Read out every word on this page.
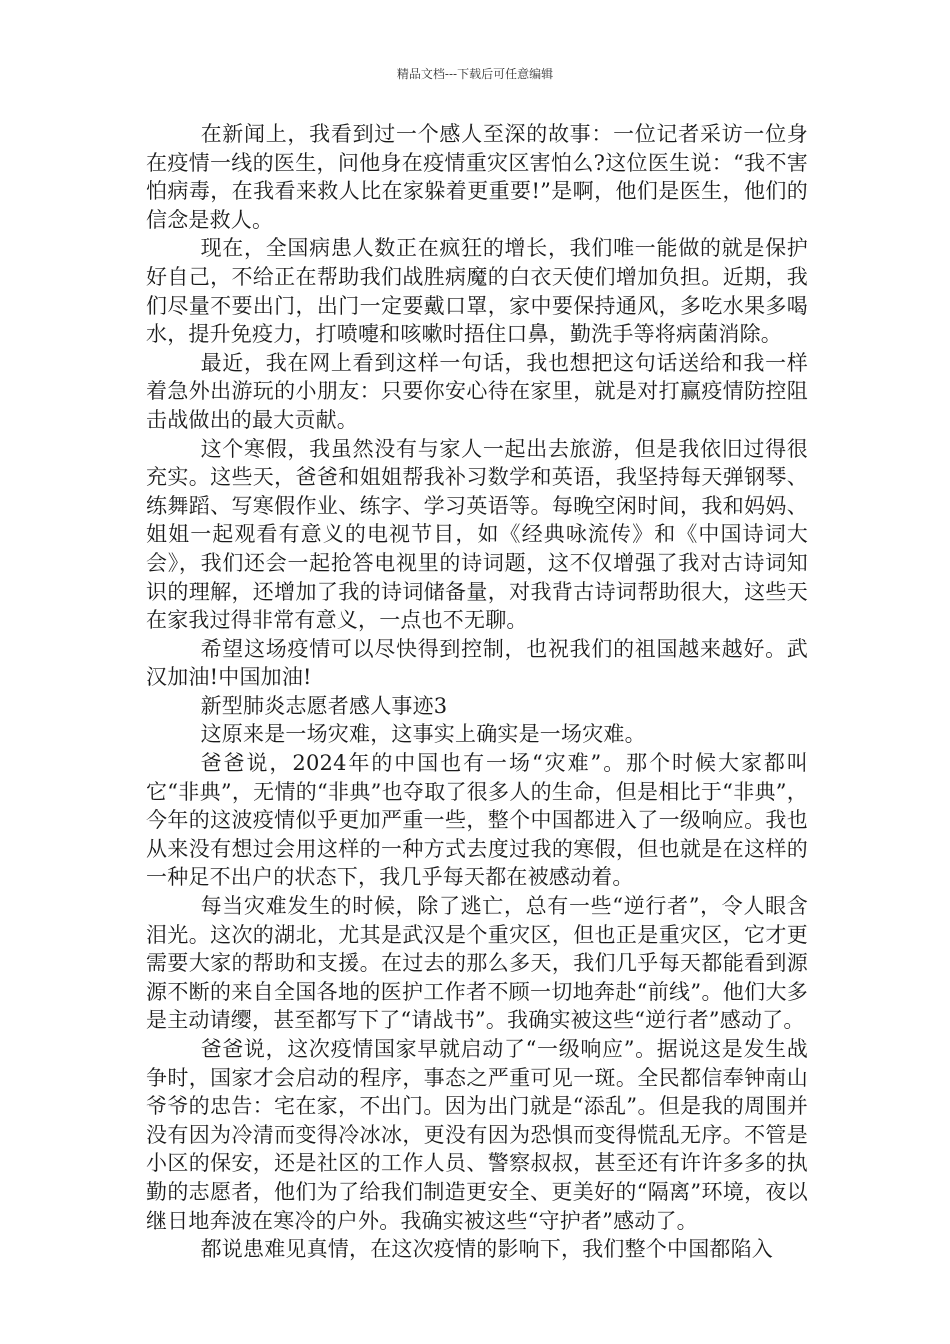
精品文档---下载后可任意编辑

在新闻上，我看到过一个感人至深的故事：一位记者采访一位身在疫情一线的医生，问他身在疫情重灾区害怕么?这位医生说：“我不害怕病毒，在我看来救人比在家躲着更重要!”是啊，他们是医生，他们的信念是救人。

现在，全国病患人数正在疯狂的增长，我们唯一能做的就是保护好自己，不给正在帮助我们战胜病魔的白衣天使们增加负担。近期，我们尽量不要出门，出门一定要戴口罩，家中要保持通风，多吃水果多喝水，提升免疫力，打喷嚏和咳嗽时捂住口鼻，勤洗手等将病菌消除。

最近，我在网上看到这样一句话，我也想把这句话送给和我一样着急外出游玩的小朋友：只要你安心待在家里，就是对打赢疫情防控阻击战做出的最大贡献。

这个寒假，我虽然没有与家人一起出去旅游，但是我依旧过得很充实。这些天，爸爸和姐姐帮我补习数学和英语，我坚持每天弹钢琴、练舞蹈、写寒假作业、练字、学习英语等。每晚空闲时间，我和妈妈、姐姐一起观看有意义的电视节目，如《经典咏流传》和《中国诗词大会》，我们还会一起抢答电视里的诗词题，这不仅增强了我对古诗词知识的理解，还增加了我的诗词储备量，对我背古诗词帮助很大，这些天在家我过得非常有意义，一点也不无聊。

希望这场疫情可以尽快得到控制，也祝我们的祖国越来越好。武汉加油!中国加油!

新型肺炎志愿者感人事迹3

这原来是一场灾难，这事实上确实是一场灾难。

爸爸说，2024年的中国也有一场“灾难”。那个时候大家都叫它“非典”，无情的“非典”也夺取了很多人的生命，但是相比于“非典”，今年的这波疫情似乎更加严重一些，整个中国都进入了一级响应。我也从来没有想过会用这样的一种方式去度过我的寒假，但也就是在这样的一种足不出户的状态下，我几乎每天都在被感动着。

每当灾难发生的时候，除了逃亡，总有一些“逆行者”，令人眼含泪光。这次的湖北，尤其是武汉是个重灾区，但也正是重灾区，它才更需要大家的帮助和支援。在过去的那么多天，我们几乎每天都能看到源源不断的来自全国各地的医护工作者不顾一切地奔赴“前线”。他们大多是主动请缨，甚至都写下了“请战书”。我确实被这些“逆行者”感动了。

爸爸说，这次疫情国家早就启动了“一级响应”。据说这是发生战争时，国家才会启动的程序，事态之严重可见一斑。全民都信奉钟南山爷爷的忠告：宅在家，不出门。因为出门就是“添乱”。但是我的周围并没有因为冷清而变得冷冰冰，更没有因为恐惧而变得慌乱无序。不管是小区的保安，还是社区的工作人员、警察叔叔，甚至还有许许多多的执勤的志愿者，他们为了给我们制造更安全、更美好的“隔离”环境，夜以继日地奔波在寒冷的户外。我确实被这些“守护者”感动了。

都说患难见真情，在这次疫情的影响下，我们整个中国都陷入
